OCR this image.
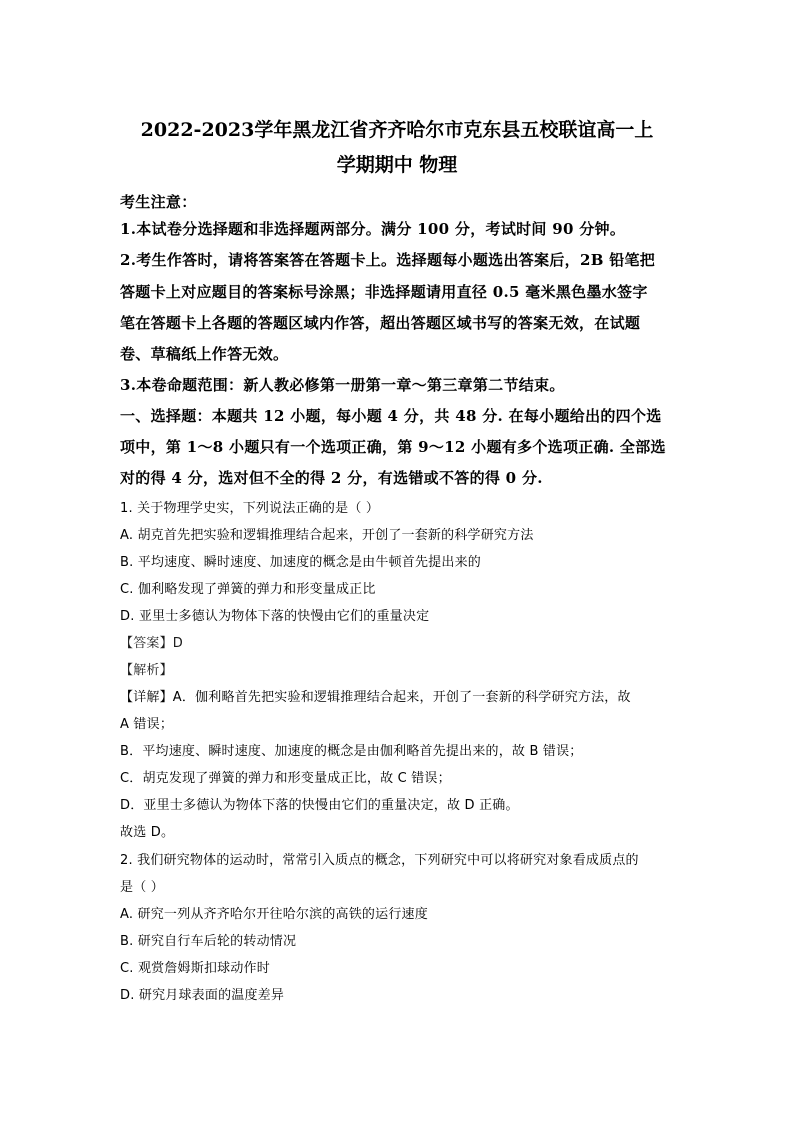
2022-2023学年黑龙江省齐齐哈尔市克东县五校联谊高一上
学期期中 物理
考生注意：
1.本试卷分选择题和非选择题两部分。满分 100 分，考试时间 90 分钟。
2.考生作答时，请将答案答在答题卡上。选择题每小题选出答案后，2B 铅笔把
答题卡上对应题目的答案标号涂黑；非选择题请用直径 0.5 毫米黑色墨水签字
笔在答题卡上各题的答题区域内作答，超出答题区域书写的答案无效，在试题
卷、草稿纸上作答无效。
3.本卷命题范围：新人教必修第一册第一章～第三章第二节结束。
一、选择题：本题共 12 小题，每小题 4 分，共 48 分. 在每小题给出的四个选
项中，第 1～8 小题只有一个选项正确，第 9～12 小题有多个选项正确. 全部选
对的得 4 分，选对但不全的得 2 分，有选错或不答的得 0 分.
1. 关于物理学史实，下列说法正确的是（ ）
A. 胡克首先把实验和逻辑推理结合起来，开创了一套新的科学研究方法
B. 平均速度、瞬时速度、加速度的概念是由牛顿首先提出来的
C. 伽利略发现了弹簧的弹力和形变量成正比
D. 亚里士多德认为物体下落的快慢由它们的重量决定
【答案】D
【解析】
【详解】A．伽利略首先把实验和逻辑推理结合起来，开创了一套新的科学研究方法，故
A 错误；
B．平均速度、瞬时速度、加速度的概念是由伽利略首先提出来的，故 B 错误；
C．胡克发现了弹簧的弹力和形变量成正比，故 C 错误；
D．亚里士多德认为物体下落的快慢由它们的重量决定，故 D 正确。
故选 D。
2. 我们研究物体的运动时，常常引入质点的概念，下列研究中可以将研究对象看成质点的
是（ ）
A. 研究一列从齐齐哈尔开往哈尔滨的高铁的运行速度
B. 研究自行车后轮的转动情况
C. 观赏詹姆斯扣球动作时
D. 研究月球表面的温度差异
